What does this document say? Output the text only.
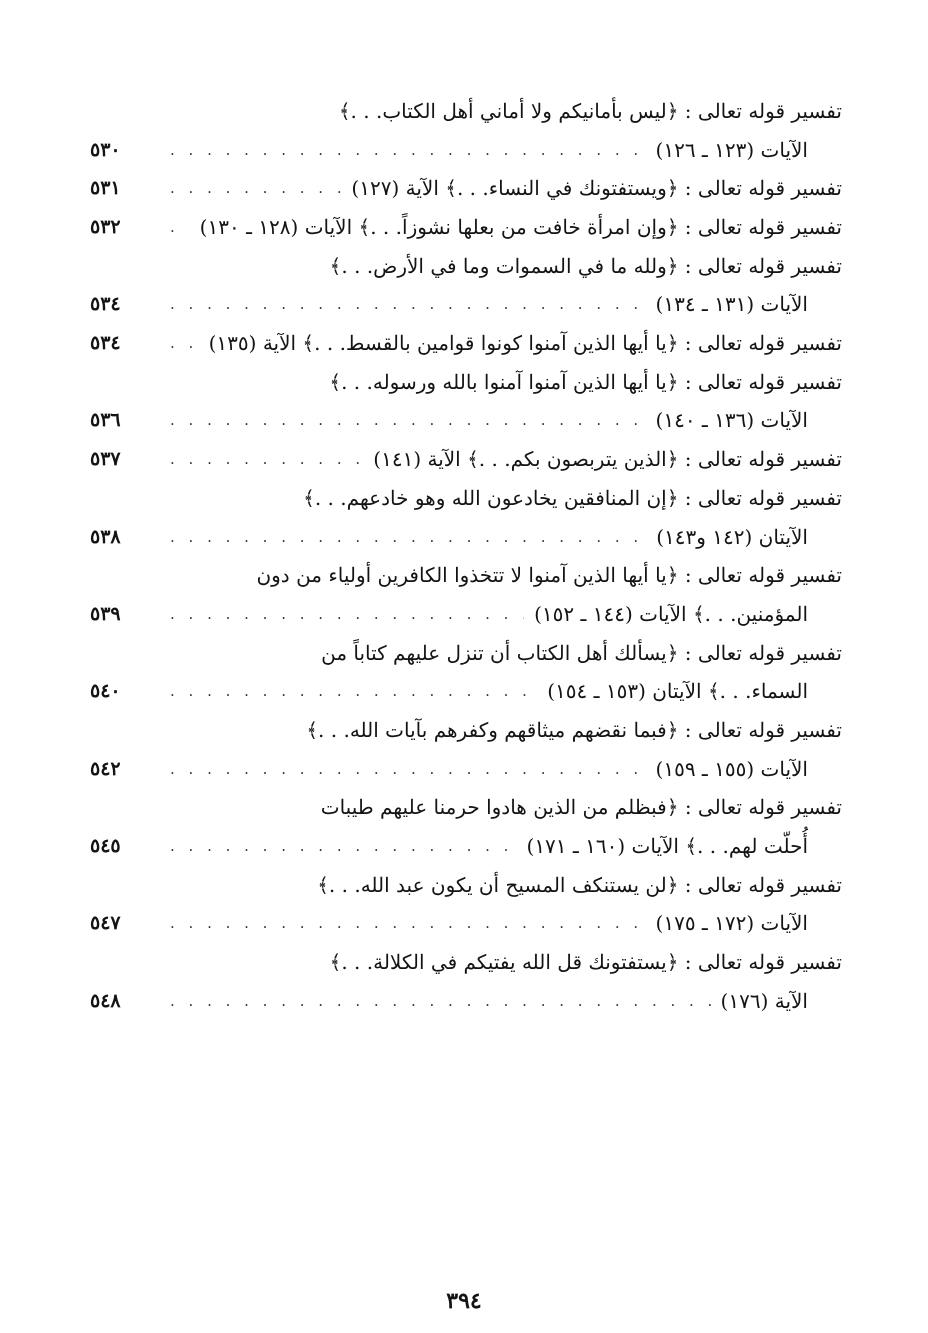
تفسير قوله تعالى : ﴿ليس بأمانيكم ولا أماني أهل الكتاب. . .﴾
الآيات (١٢٣ ـ ١٢٦)
. . .
٥٣٠
تفسير قوله تعالى : ﴿ويستفتونك في النساء. . .﴾ الآية (١٢٧)
. . .
٥٣١
تفسير قوله تعالى : ﴿وإن امرأة خافت من بعلها نشوزاً. . .﴾ الآيات (١٢٨ ـ ١٣٠)
. . .
٥٣٢
تفسير قوله تعالى : ﴿ولله ما في السموات وما في الأرض. . .﴾
الآيات (١٣١ ـ ١٣٤)
. . .
٥٣٤
تفسير قوله تعالى : ﴿يا أيها الذين آمنوا كونوا قوامين بالقسط. . .﴾ الآية (١٣٥)
. . .
٥٣٤
تفسير قوله تعالى : ﴿يا أيها الذين آمنوا آمنوا بالله ورسوله. . .﴾
الآيات (١٣٦ ـ ١٤٠)
. . .
٥٣٦
تفسير قوله تعالى : ﴿الذين يتربصون بكم. . .﴾ الآية (١٤١)
. . .
٥٣٧
تفسير قوله تعالى : ﴿إن المنافقين يخادعون الله وهو خادعهم. . .﴾
الآيتان (١٤٢ و١٤٣)
. . .
٥٣٨
تفسير قوله تعالى : ﴿يا أيها الذين آمنوا لا تتخذوا الكافرين أولياء من دون
المؤمنين. . .﴾ الآيات (١٤٤ ـ ١٥٢)
. . .
٥٣٩
تفسير قوله تعالى : ﴿يسألك أهل الكتاب أن تنزل عليهم كتاباً من
السماء. . .﴾ الآيتان (١٥٣ ـ ١٥٤)
. . .
٥٤٠
تفسير قوله تعالى : ﴿فبما نقضهم ميثاقهم وكفرهم بآيات الله. . .﴾
الآيات (١٥٥ ـ ١٥٩)
. . .
٥٤٢
تفسير قوله تعالى : ﴿فبظلم من الذين هادوا حرمنا عليهم طيبات
أُحلّت لهم. . .﴾ الآيات (١٦٠ ـ ١٧١)
. . .
٥٤٥
تفسير قوله تعالى : ﴿لن يستنكف المسيح أن يكون عبد الله. . .﴾
الآيات (١٧٢ ـ ١٧٥)
. . .
٥٤٧
تفسير قوله تعالى : ﴿يستفتونك قل الله يفتيكم في الكلالة. . .﴾
الآية (١٧٦)
. . .
٥٤٨
٣٩٤
